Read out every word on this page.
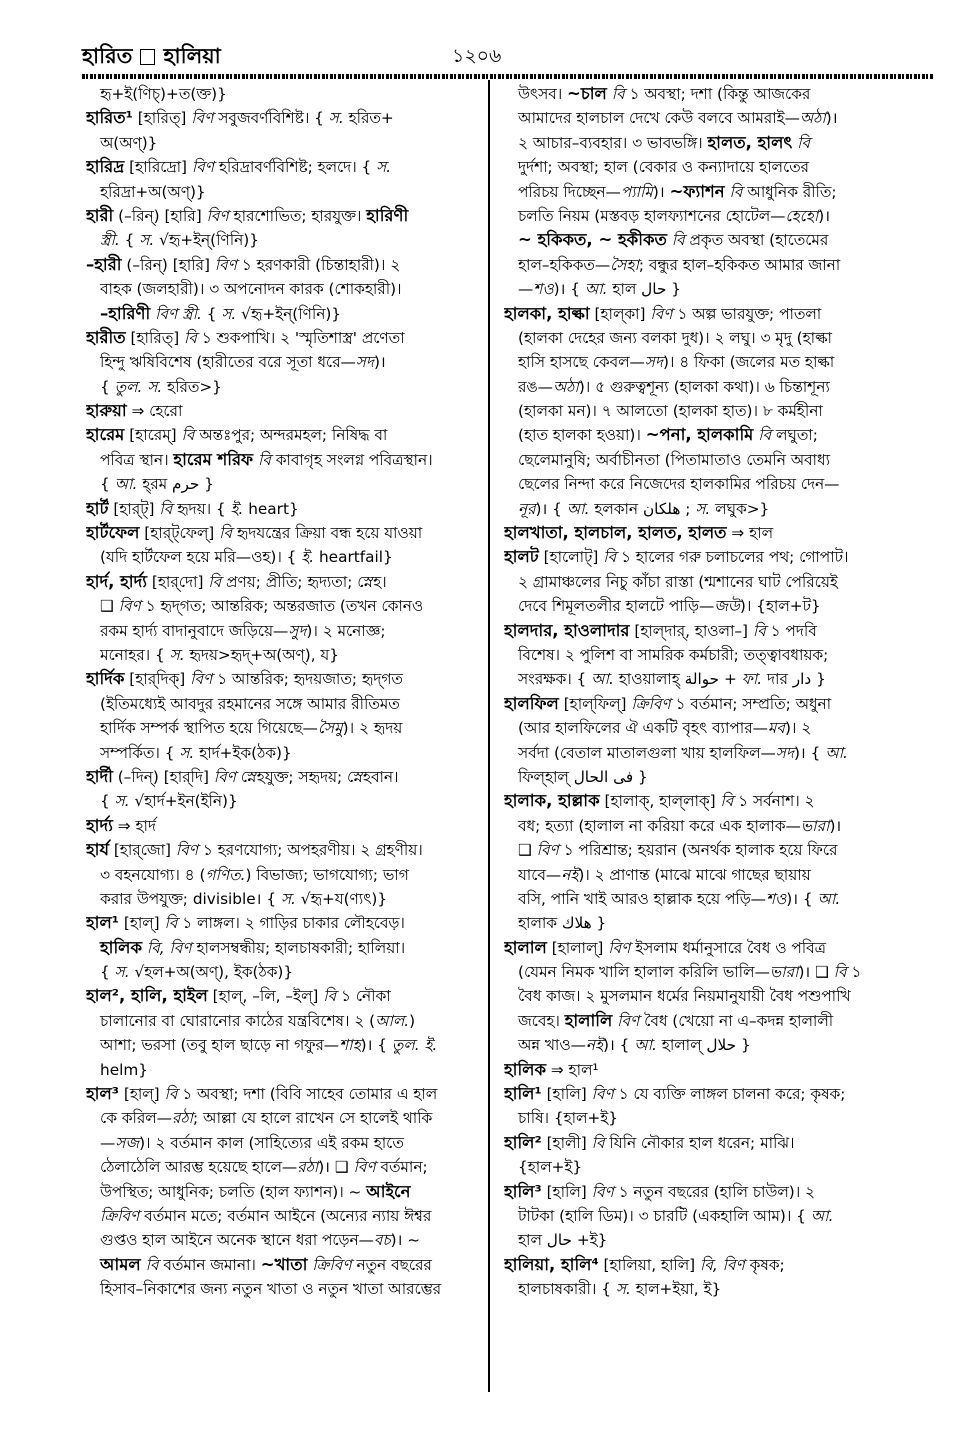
হারিত হালিয়া	১২০৬
হৃ+ই(ণিচ্)+ত(ক্ত)}
হারিত¹ [হারিত্] বিণ সবুজবর্ণবিশিষ্ট। { স. হরিত+
অ(অণ্)}
হারিদ্র [হারিদ্রো] বিণ হরিদ্রাবর্ণবিশিষ্ট; হলদে। { স.
হরিদ্রা+অ(অণ্)}
হারী (–রিন্) [হারি] বিণ হারশোভিত; হারযুক্ত। হারিণী
স্ত্রী. { স. √হৃ+ইন্(ণিনি)}
–হারী (–রিন্) [হারি] বিণ ১ হরণকারী (চিন্তাহারী)। ২
বাহক (জলহারী)। ৩ অপনোদন কারক (শোকহারী)।
–হারিণী বিণ স্ত্রী. { স. √হৃ+ইন্(ণিনি)}
হারীত [হারিত্] বি ১ শুকপাখি। ২ 'স্মৃতিশাস্ত্র' প্রণেতা
হিন্দু ঋষিবিশেষ (হারীতের বরে সূতা ধরে—সদ)।
{ তুল. স. হরিত>}
হারুয়া ⇒ হেরো
হারেম [হারেম্] বি অন্তঃপুর; অন্দরমহল; নিষিদ্ধ বা
পবিত্র স্থান। হারেম শরিফ বি কাবাগৃহ সংলগ্ন পবিত্রস্থান।
{ আ. হ্‌রম حرم }
হার্ট [হার্‌ট্] বি হৃদয়। { ই. heart}
হার্টফেল [হার্‌ট্‌ফেল্] বি হৃদযন্ত্রের ক্রিয়া বন্ধ হয়ে যাওয়া
(যদি হার্টফেল হয়ে মরি—ওহ)। { ই. heartfail}
হার্দ, হার্দ্য [হার্‌দো] বি প্রণয়; প্রীতি; হৃদ্যতা; স্নেহ।
❑ বিণ ১ হৃদ্‌গত; আন্তরিক; অন্তরজাত (তখন কোনও
রকম হার্দ্য বাদানুবাদে জড়িয়ে—সুদ)। ২ মনোজ্ঞ;
মনোহর। { স. হৃদয়>হৃদ্+অ(অণ্), য}
হার্দিক [হার্‌দিক্] বিণ ১ আন্তরিক; হৃদয়জাত; হৃদ্‌গত
(ইতিমধ্যেই আবদুর রহমানের সঙ্গে আমার রীতিমত
হার্দিক সম্পর্ক স্থাপিত হয়ে গিয়েছে—সৈমু)। ২ হৃদয়
সম্পর্কিত। { স. হার্দ+ইক(ঠক)}
হার্দী (–দিন্) [হার্‌দি] বিণ স্নেহযুক্ত; সহৃদয়; স্নেহবান।
{ স. √হার্দ+ইন(ইনি)}
হার্দ্য ⇒ হার্দ
হার্য [হার্‌জো] বিণ ১ হরণযোগ্য; অপহরণীয়। ২ গ্রহণীয়।
৩ বহনযোগ্য। ৪ (গণিত.) বিভাজ্য; ভাগযোগ্য; ভাগ
করার উপযুক্ত; divisible। { স. √হৃ+য(ণ্যৎ)}
হাল¹ [হাল্] বি ১ লাঙ্গল। ২ গাড়ির চাকার লৌহবেড়।
হালিক বি, বিণ হালসম্বন্ধীয়; হালচাষকারী; হালিয়া।
{ স. √হল+অ(অণ্), ইক(ঠক)}
হাল², হালি, হাইল [হাল্, –লি, –ইল্] বি ১ নৌকা
চালানোর বা ঘোরানোর কাঠের যন্ত্রবিশেষ। ২ (আল.)
আশা; ভরসা (তবু হাল ছাড়ে না গফুর—শাহ)। { তুল. ই.
helm}
হাল³ [হাল্] বি ১ অবস্থা; দশা (বিবি সাহেব তোমার এ হাল
কে করিল—রঠা; আল্লা যে হালে রাখেন সে হালেই থাকি
—সজ)। ২ বর্তমান কাল (সাহিত্যের এই রকম হাতে
ঠেলাঠেলি আরম্ভ হয়েছে হালে—রঠা)। ❑ বিণ বর্তমান;
উপস্থিত; আধুনিক; চলতি (হাল ফ্যাশন)। ~ আইনে
ক্রিবিণ বর্তমান মতে; বর্তমান আইনে (অন্যের ন্যায় ঈশ্বর
গুপ্তও হাল আইনে অনেক স্থানে ধরা পড়েন—বচ)। ~
আমল বি বর্তমান জমানা। ~খাতা ক্রিবিণ নতুন বছরের
হিসাব–নিকাশের জন্য নতুন খাতা ও নতুন খাতা আরম্ভের
উৎসব। ~চাল বি ১ অবস্থা; দশা (কিন্তু আজকের
আমাদের হালচাল দেখে কেউ বলবে আমরাই—অঠা)।
২ আচার–ব্যবহার। ৩ ভাবভঙ্গি। হালত, হালৎ বি
দুর্দশা; অবস্থা; হাল (বেকার ও কন্যাদায়ে হালতের
পরিচয় দিচ্ছেন—প্যামি)। ~ফ্যাশন বি আধুনিক রীতি;
চলতি নিয়ম (মস্তবড় হালফ্যাশনের হোটেল—হেহো)।
~ হকিকত, ~ হকীকত বি প্রকৃত অবস্থা (হাতেমের
হাল–হকিকত—সৈহা; বন্ধুর হাল–হকিকত আমার জানা
—শও)। { আ. হাল حال }
হালকা, হাল্কা [হাল্‌কা] বিণ ১ অল্প ভারযুক্ত; পাতলা
(হালকা দেহের জন্য বলকা দুধ)। ২ লঘু। ৩ মৃদু (হাল্কা
হাসি হাসছে কেবল—সদ)। ৪ ফিকা (জলের মত হাল্কা
রঙ—অঠা)। ৫ গুরুত্বশূন্য (হালকা কথা)। ৬ চিন্তাশূন্য
(হালকা মন)। ৭ আলতো (হালকা হাত)। ৮ কর্মহীনা
(হাত হালকা হওয়া)। ~পনা, হালকামি বি লঘুতা;
ছেলেমানুষি; অর্বাচীনতা (পিতামাতাও তেমনি অবাধ্য
ছেলের নিন্দা করে নিজেদের হালকামির পরিচয় দেন—
নূর)। { আ. হলকান هلكان ; স. লঘুক>}
হালখাতা, হালচাল, হালত, হালত ⇒ হাল
হালট [হালোট্] বি ১ হালের গরু চলাচলের পথ; গোপাট।
২ গ্রামাঞ্চলের নিচু কাঁচা রাস্তা (শ্মশানের ঘাট পেরিয়েই
দেবে শিমূলতলীর হালটে পাড়ি—জউ)। {হাল+ট}
হালদার, হাওলাদার [হাল্‌দার্, হাওলা–] বি ১ পদবি
বিশেষ। ২ পুলিশ বা সামরিক কর্মচারী; তত্ত্বাবধায়ক;
সংরক্ষক। { আ. হাওয়ালাহ্ حوالة + ফা. দার دار }
হালফিল [হাল্‌ফিল্] ক্রিবিণ ১ বর্তমান; সম্প্রতি; অধুনা
(আর হালফিলের ঐ একটি বৃহৎ ব্যাপার—মব)। ২
সর্বদা (বেতাল মাতালগুলা খায় হালফিল—সদ)। { আ.
ফিল্‌হাল্ فى الحال }
হালাক, হাল্লাক [হালাক্, হাল্‌লাক্] বি ১ সর্বনাশ। ২
বধ; হত্যা (হালাল না করিয়া করে এক হালাক—ভারা)।
❑ বিণ ১ পরিশ্রান্ত; হয়রান (অনর্থক হালাক হয়ে ফিরে
যাবে—নই)। ২ প্রাণান্ত (মাঝে মাঝে গাছের ছায়ায়
বসি, পানি খাই আরও হাল্লাক হয়ে পড়ি—শও)। { আ.
হালাক هلاك }
হালাল [হালাল্] বিণ ইসলাম ধর্মানুসারে বৈধ ও পবিত্র
(যেমন নিমক খালি হালাল করিলি ভালি—ভারা)। ❑ বি ১
বৈধ কাজ। ২ মুসলমান ধর্মের নিয়মানুযায়ী বৈধ পশুপাখি
জবেহ। হালালি বিণ বৈধ (খেয়ো না এ–কদন্ন হালালী
অন্ন খাও—নই)। { আ. হালাল্ حلال }
হালিক ⇒ হাল¹
হালি¹ [হালি] বিণ ১ যে ব্যক্তি লাঙ্গল চালনা করে; কৃষক;
চাষি। {হাল+ই}
হালি² [হালী] বি যিনি নৌকার হাল ধরেন; মাঝি।
{হাল+ই}
হালি³ [হালি] বিণ ১ নতুন বছরের (হালি চাউল)। ২
টাটকা (হালি ডিম)। ৩ চারটি (একহালি আম)। { আ.
হাল حال +ই}
হালিয়া, হালি⁴ [হালিয়া, হালি] বি, বিণ কৃষক;
হালচাষকারী। { স. হাল+ইয়া, ই}
